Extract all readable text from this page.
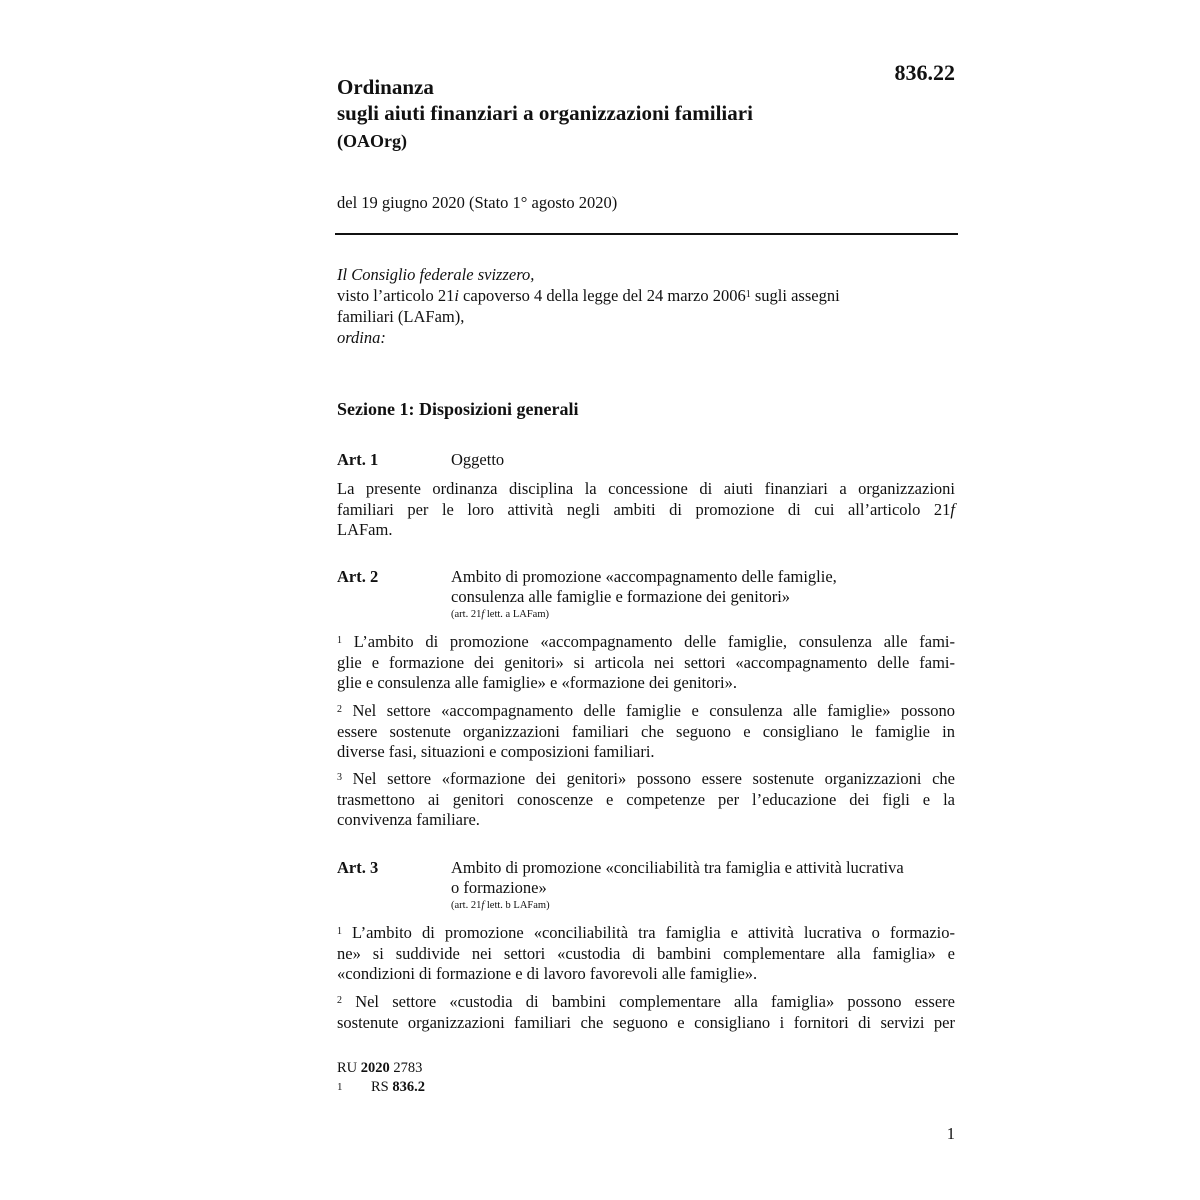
836.22
Ordinanza
sugli aiuti finanziari a organizzazioni familiari
(OAOrg)
del 19 giugno 2020 (Stato 1° agosto 2020)
Il Consiglio federale svizzero,
visto l’articolo 21i capoverso 4 della legge del 24 marzo 2006$^1$ sugli assegni
familiari (LAFam),
ordina:
Sezione 1: Disposizioni generali
Art. 1	Oggetto
La presente ordinanza disciplina la concessione di aiuti finanziari a organizzazioni
familiari per le loro attività negli ambiti di promozione di cui all’articolo 21f
LAFam.
Art. 2	Ambito di promozione «accompagnamento delle famiglie,
consulenza alle famiglie e formazione dei genitori»
(art. 21f lett. a LAFam)
$^1$ L’ambito di promozione «accompagnamento delle famiglie, consulenza alle fami-
glie e formazione dei genitori» si articola nei settori «accompagnamento delle fami-
glie e consulenza alle famiglie» e «formazione dei genitori».
$^2$ Nel settore «accompagnamento delle famiglie e consulenza alle famiglie» possono
essere sostenute organizzazioni familiari che seguono e consigliano le famiglie in
diverse fasi, situazioni e composizioni familiari.
$^3$ Nel settore «formazione dei genitori» possono essere sostenute organizzazioni che
trasmettono ai genitori conoscenze e competenze per l’educazione dei figli e la
convivenza familiare.
Art. 3	Ambito di promozione «conciliabilità tra famiglia e attività lucrativa
o formazione»
(art. 21f lett. b LAFam)
$^1$ L’ambito di promozione «conciliabilità tra famiglia e attività lucrativa o formazio-
ne» si suddivide nei settori «custodia di bambini complementare alla famiglia» e
«condizioni di formazione e di lavoro favorevoli alle famiglie».
$^2$ Nel settore «custodia di bambini complementare alla famiglia» possono essere
sostenute organizzazioni familiari che seguono e consigliano i fornitori di servizi per
RU 2020 2783
1 RS 836.2
1
